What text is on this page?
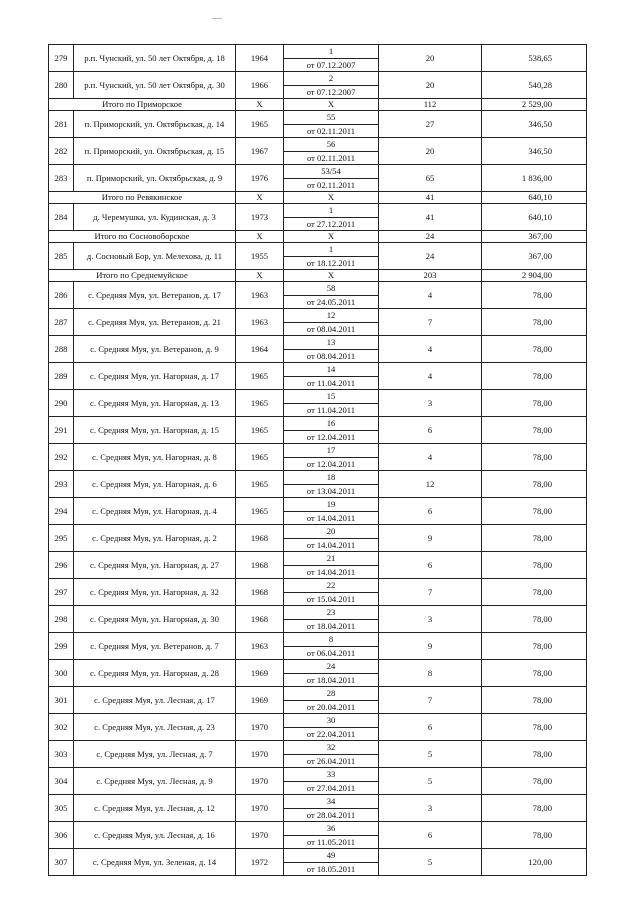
279	р.п. Чунский, ул. 50 лет Октября, д. 18	1964	1
от 07.12.2007	20	538,65
280	р.п. Чунский, ул. 50 лет Октября, д. 30	1966	2
от 07.12.2007	20	540,28
Итого по Приморское		X	X	112	2 529,00
281	п. Приморский, ул. Октябрьская, д. 14	1965	55
от 02.11.2011	27	346,50
282	п. Приморский, ул. Октябрьская, д. 15	1967	56
от 02.11.2011	20	346,50
283	п. Приморский, ул. Октябрьская, д. 9	1976	53/54
от 02.11.2011	65	1 836,00
Итого по Ревякинское		X	X	41	640,10
284	д. Черемушка, ул. Кудинская, д. 3	1973	1
от 27.12.2011	41	640,10
Итого по Сосновоборское		X	X	24	367,00
285	д. Сосновый Бор, ул. Мелехова, д. 11	1955	1
от 18.12.2011	24	367,00
Итого по Среднемуйское		X	X	203	2 904,00
286	с. Средняя Муя, ул. Ветеранов, д. 17	1963	58
от 24.05.2011	4	78,00
287	с. Средняя Муя, ул. Ветеранов, д. 21	1963	12
от 08.04.2011	7	78,00
288	с. Средняя Муя, ул. Ветеранов, д. 9	1964	13
от 08.04.2011	4	78,00
289	с. Средняя Муя, ул. Нагорная, д. 17	1965	14
от 11.04.2011	4	78,00
290	с. Средняя Муя, ул. Нагорная, д. 13	1965	15
от 11.04.2011	3	78,00
291	с. Средняя Муя, ул. Нагорная, д. 15	1965	16
от 12.04.2011	6	78,00
292	с. Средняя Муя, ул. Нагорная, д. 8	1965	17
от 12.04.2011	4	78,00
293	с. Средняя Муя, ул. Нагорная, д. 6	1965	18
от 13.04.2011	12	78,00
294	с. Средняя Муя, ул. Нагорная, д. 4	1965	19
от 14.04.2011	6	78,00
295	с. Средняя Муя, ул. Нагорная, д. 2	1968	20
от 14.04.2011	9	78,00
296	с. Средняя Муя, ул. Нагорная, д. 27	1968	21
от 14.04.2011	6	78,00
297	с. Средняя Муя, ул. Нагорная, д. 32	1968	22
от 15.04.2011	7	78,00
298	с. Средняя Муя, ул. Нагорная, д. 30	1968	23
от 18.04.2011	3	78,00
299	с. Средняя Муя, ул. Ветеранов, д. 7	1963	8
от 06.04.2011	9	78,00
300	с. Средняя Муя, ул. Нагорная, д. 28	1969	24
от 18.04.2011	8	78,00
301	с. Средняя Муя, ул. Лесная, д. 17	1969	28
от 20.04.2011	7	78,00
302	с. Средняя Муя, ул. Лесная, д. 23	1970	30
от 22.04.2011	6	78,00
303	с. Средняя Муя, ул. Лесная, д. 7	1970	32
от 26.04.2011	5	78,00
304	с. Средняя Муя, ул. Лесная, д. 9	1970	33
от 27.04.2011	5	78,00
305	с. Средняя Муя, ул. Лесная, д. 12	1970	34
от 28.04.2011	3	78,00
306	с. Средняя Муя, ул. Лесная, д. 16	1970	36
от 11.05.2011	6	78,00
307	с. Средняя Муя, ул. Зеленая, д. 14	1972	49
от 18.05.2011	5	120,00
